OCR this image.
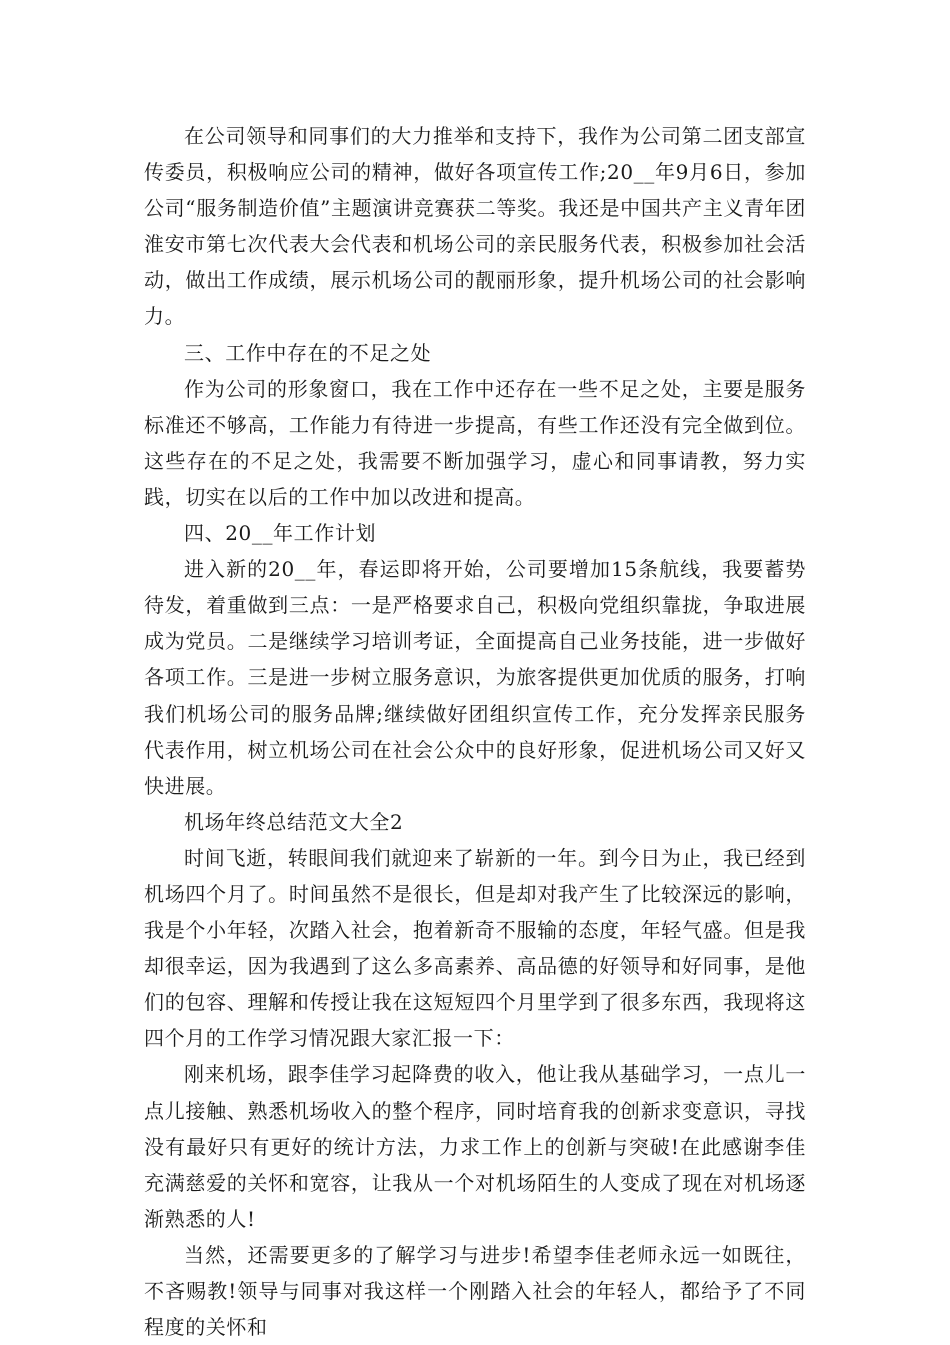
在公司领导和同事们的大力推举和支持下，我作为公司第二团支部宣传委员，积极响应公司的精神，做好各项宣传工作;20__年9月6日，参加公司“服务制造价值”主题演讲竞赛获二等奖。我还是中国共产主义青年团淮安市第七次代表大会代表和机场公司的亲民服务代表，积极参加社会活动，做出工作成绩，展示机场公司的靓丽形象，提升机场公司的社会影响力。

三、工作中存在的不足之处

作为公司的形象窗口，我在工作中还存在一些不足之处，主要是服务标准还不够高，工作能力有待进一步提高，有些工作还没有完全做到位。这些存在的不足之处，我需要不断加强学习，虚心和同事请教，努力实践，切实在以后的工作中加以改进和提高。

四、20__年工作计划

进入新的20__年，春运即将开始，公司要增加15条航线，我要蓄势待发，着重做到三点：一是严格要求自己，积极向党组织靠拢，争取进展成为党员。二是继续学习培训考证，全面提高自己业务技能，进一步做好各项工作。三是进一步树立服务意识，为旅客提供更加优质的服务，打响我们机场公司的服务品牌;继续做好团组织宣传工作，充分发挥亲民服务代表作用，树立机场公司在社会公众中的良好形象，促进机场公司又好又快进展。

机场年终总结范文大全2

时间飞逝，转眼间我们就迎来了崭新的一年。到今日为止，我已经到机场四个月了。时间虽然不是很长，但是却对我产生了比较深远的影响，我是个小年轻，次踏入社会，抱着新奇不服输的态度，年轻气盛。但是我却很幸运，因为我遇到了这么多高素养、高品德的好领导和好同事，是他们的包容、理解和传授让我在这短短四个月里学到了很多东西，我现将这四个月的工作学习情况跟大家汇报一下：

刚来机场，跟李佳学习起降费的收入，他让我从基础学习，一点儿一点儿接触、熟悉机场收入的整个程序，同时培育我的创新求变意识，寻找没有最好只有更好的统计方法，力求工作上的创新与突破!在此感谢李佳充满慈爱的关怀和宽容，让我从一个对机场陌生的人变成了现在对机场逐渐熟悉的人!

当然，还需要更多的了解学习与进步!希望李佳老师永远一如既往，不吝赐教!领导与同事对我这样一个刚踏入社会的年轻人，都给予了不同程度的关怀和
